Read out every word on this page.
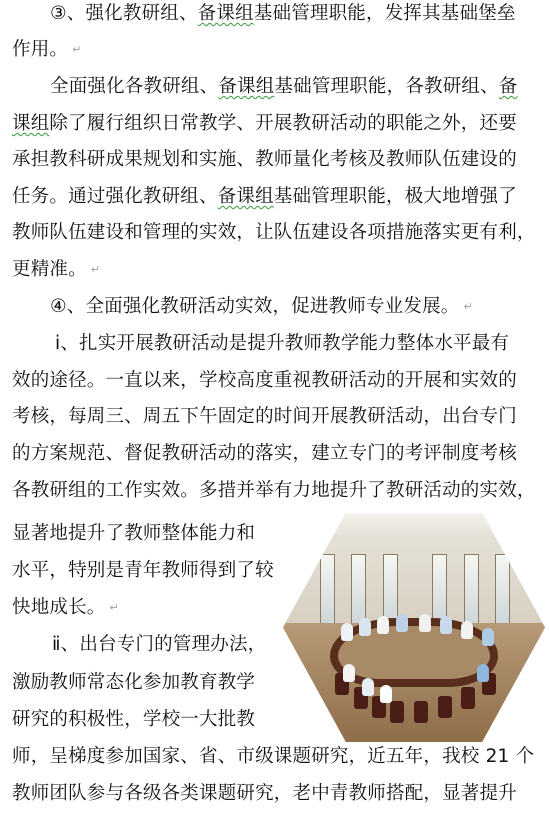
③、强化教研组、备课组基础管理职能，发挥其基础堡垒
作用。 ↵
全面强化各教研组、备课组基础管理职能，各教研组、备
课组除了履行组织日常教学、开展教研活动的职能之外，还要
承担教科研成果规划和实施、教师量化考核及教师队伍建设的
任务。通过强化教研组、备课组基础管理职能，极大地增强了
教师队伍建设和管理的实效，让队伍建设各项措施落实更有利，
更精准。 ↵
④、全面强化教研活动实效，促进教师专业发展。 ↵
ⅰ、扎实开展教研活动是提升教师教学能力整体水平最有
效的途径。一直以来，学校高度重视教研活动的开展和实效的
考核，每周三、周五下午固定的时间开展教研活动，出台专门
的方案规范、督促教研活动的落实，建立专门的考评制度考核
各教研组的工作实效。多措并举有力地提升了教研活动的实效，
显著地提升了教师整体能力和
水平，特别是青年教师得到了较
快地成长。 ↵
ⅱ、出台专门的管理办法，
激励教师常态化参加教育教学
研究的积极性，学校一大批教
师，呈梯度参加国家、省、市级课题研究，近五年，我校 21 个
教师团队参与各级各类课题研究，老中青教师搭配，显著提升
